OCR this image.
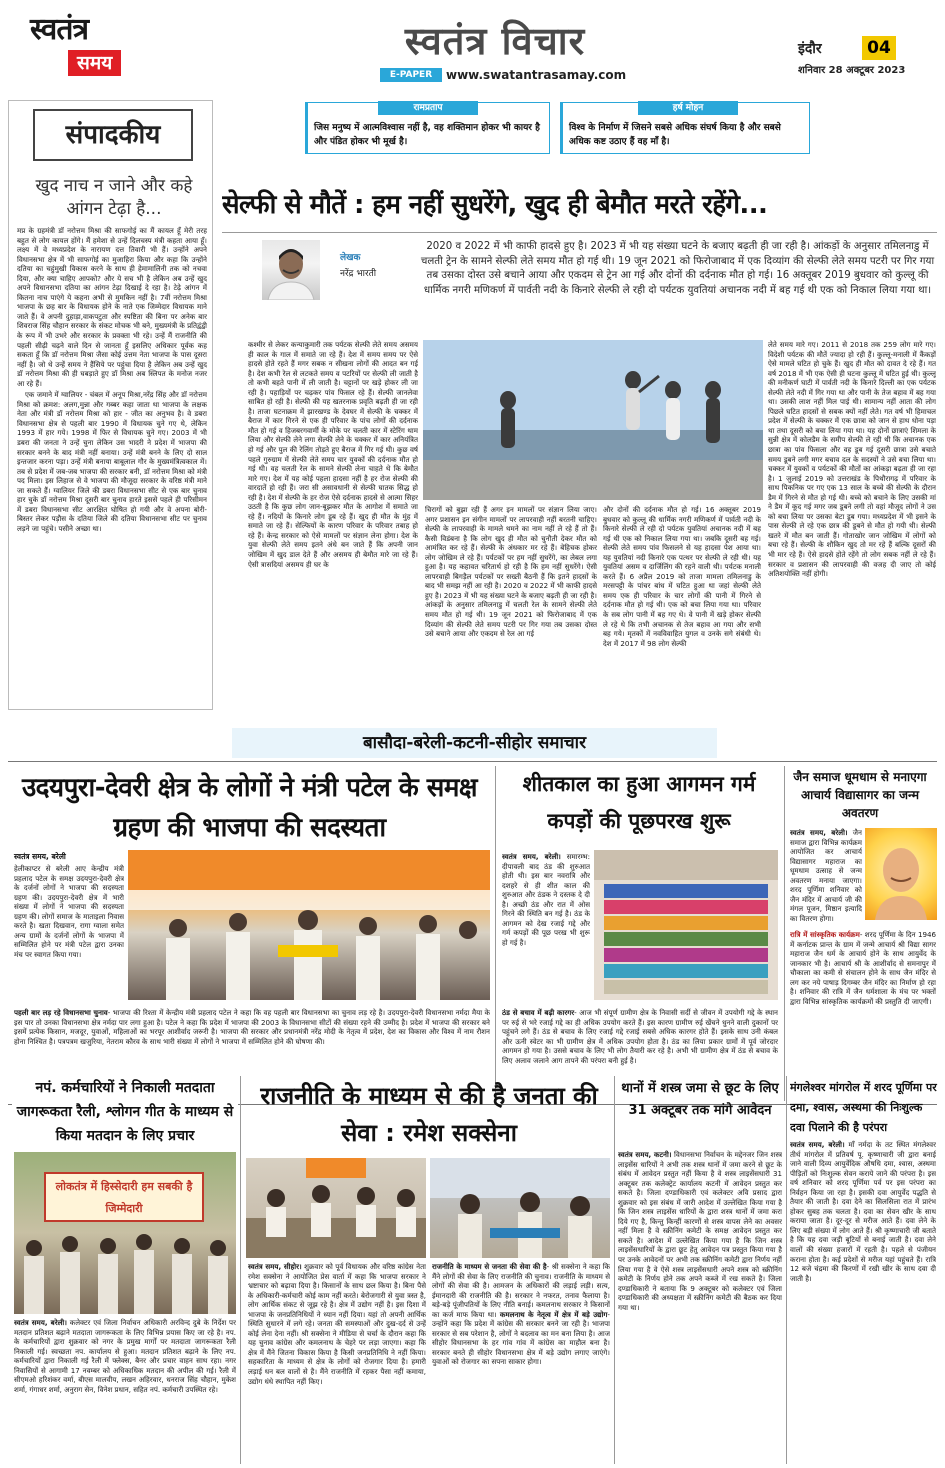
स्वतंत्र
समय	स्वतंत्र विचार
E-PAPER	www.swatantrasamay.com
इंदौर	04
शनिवार 28 अक्टूबर 2023
रामप्रताप
जिस मनुष्य में आत्मविश्वास नहीं है, वह शक्तिमान होकर भी कायर है और पंडित होकर भी मूर्ख है।
हर्ष मोहन
विश्व के निर्माण में जिसने सबसे अधिक संघर्ष किया है और सबसे अधिक कष्ट उठाए हैं वह माँ है।
संपादकीय
खुद नाच न जाने और कहे आंगन टेढ़ा है...

मप्र के ग्रहमंत्री डॉ नरोत्तम मिश्रा की साफगोई का मैं कायल हूँ मेरी तरह बहुत से लोग कायल होंगे। मैं हमेशा से उन्हें दिलचस्प मंत्री कहता आया हूँ। लक्ष्य में वे मध्यप्रदेश के नारायण दत्त तिवारी भी हैं। उन्होंने अपने विधानसभा क्षेत्र में भी साफगोई का मुजाहिरा किया और कहा कि उन्होंने दतिया का चहुंमुखी विकास करने के साथ ही हेमामालिनी तक को नचवा दिया, और क्या चाहिए आपको? और ये सच भी है लेकिन अब उन्हें खुद अपने विधानसभा दतिया का आंगन टेढ़ा दिखाई दे रहा है। टेढ़े आंगन में कितना नाच पाएंगे ये कहना अभी से मुमकिन नहीं है। 7वीं नरोत्तम मिश्रा भाजपा के छह बार के विधायक होने के नाते एक जिम्मेदार विधायक माने जाते हैं। वे अपनी दुहाड़ा,वाकपटुता और स्पष्टिता की बिना पर अनेक बार शिवराज सिंह चौहान सरकार के संकट मोचक भी बने, मुख्यमंत्री के प्रतिद्वंद्वी के रूप में भी उभरे और सरकार के प्रवक्ता भी रहे। उन्हें मैं राजनीति की पहली सीढ़ी चढ़ने वाले दिन से जानता हूँ इसलिए अधिकार पूर्वक कह सकता हूँ कि डॉ नरोत्तम मिश्रा जैसा कोई उत्तम नेता भाजपा के पास दूसरा नहीं है। जो थे उन्हें समय ने हैंसिये पर पहुंचा दिया है लेकिन अब उन्हें खुद डॉ नरोत्तम मिश्रा की ही घबड़ाते हुए डॉ मिश्रा अब स्लिपत के मनोज नजर आ रहे हैं।

एक जमाने में ग्वालियर - चंबल में अनूप मिश्रा,नरेंद्र सिंह और डॉ नरोत्तम मिश्रा को क्रमश: अलग,मुन्ना और गब्बर कहा जाता था भाजपा के लक्षक नेता और मंत्री डॉ नरोत्तम मिश्रा को हार - जीत का अनुभव है। वे डबरा विधानसभा क्षेत्र से पहली बार 1990 में विधायक चुने गए थे, लेकिन 1993 में हार गये। 1998 में फिर से विधायक चुने गए। 2003 में भी डबरा की जनता ने उन्हें चुना लेकिन उस भादरी ने प्रदेश में भाजपा की सरकार बनने के बाद मंत्री नहीं बनाया। उन्हें मंत्री बनने के लिए दो साल इन्तजार करना पड़ा। उन्हें मंत्री बनाया बाबूलाल गौर के मुख्यमंत्रित्वकाल में। तब से प्रदेश में जब-जब भाजपा की सरकार बनी, डॉ नरोत्तम मिश्रा को मंत्री पद मिला। इस लिहाज से वे भाजपा की मौजूदा सरकार के वरिष्ठ मंत्री माने जा सकते हैं। ग्वालियर जिले की डबरा विधानसभा सीट से एक बार चुनाव हार चुके डॉ नरोत्तम मिश्रा दूसरी बार चुनाव हारते इससे पहले ही परिसीमन में डबरा विधानसभा सीट आरक्षित घोषित हो गयी और वे अपना बोरी-बिस्तर लेकर पड़ौस के दतिया जिले की दतिया विधानसभा सीट पर चुनाव लड़ने जा पहुंचे। पसीने अच्छा था।

सेल्फी से मौतें : हम नहीं सुधरेंगे, खुद ही बेमौत मरते रहेंगे...
लेखक
नरेंद्र भारती
2020 व 2022 में भी काफी हादसे हुए है। 2023 में भी यह संख्या घटने के बजाए बढ़ती ही जा रही है। आंकड़ों के अनुसार तमिलनाडु में चलती ट्रेन के सामने सेल्फी लेते समय मौत हो गई थी। 19 जून 2021 को फिरोजाबाद में एक दिव्यांग की सेल्फी लेते समय पटरी पर गिर गया तब उसका दोस्त उसे बचाने आया और एकदम से ट्रेन आ गई और दोनों की दर्दनाक मौत हो गई। 16 अक्तूबर 2019 बुधवार को कुल्लू की धार्मिक नगरी मणिकर्ण में पार्वती नदी के किनारे सेल्फी ले रही दो पर्यटक युवतियां अचानक नदी में बह गई थी एक को निकाल लिया गया था।
कश्मीर से लेकर कन्याकुमारी तक पर्यटक सेल्फी लेते समय असमय ही काल के गाल में समाते जा रहे हैं। देश में समय समय पर ऐसे हादसे होते रहते हैं मगर सबक न सीखना लोगों की आदत बन गई है। देश कभी रेल से लटकते समय व पटरियों पर सेल्फी ली जाती है तो कभी बहते पानी में ली जाती है। चट्टानों पर खड़े होकर ली जा रही है। पहाड़ियों पर चढ़कर पांव फिसल रहे हैं। सेल्फी जानलेवा साबित हो रही है। सेल्फी की यह खतरनाक प्रवृति बढ़ती ही जा रही है। ताजा घटनाक्रम में झारखण्ड के देवघर में सेल्फी के चक्कर में बैराज में कार गिरने से एक ही परिवार के पांच लोगों की दर्दनाक मौत हो गई व हिजबरगवार्मी के मोके पर चलती कार में स्टेरिंग थाम लिया और सेल्फी लेने लगा सेल्फी लेने के चक्कर में कार अनियंत्रित हो गई और पुल की रेलिंग तोड़ते हुए बैराज में गिर गई थी। कुछ वर्ष पहले गुरुग्राम में सेल्फी लेते समय चार युवकों की दर्दनाक मौत हो गई थी। वह चलती रेल के सामने सेल्फी लेना चाहते थे कि बेमौत मारे गए। देश में यह कोई पहला हादसा नहीं है हर रोज सेल्फी की वारदातें हो रही हैं। जरा सी असावधानी से सेल्फी घातक सिद्ध हो रही है। देश में सेल्फी के हर रोज ऐसे दर्दनाक हादसे से आत्मा सिहर उठती है कि कुछ लोग जान-बूझकर मौत के आगोश में समाते जा रहे हैं। नदियों के किनारे लोग डूब रहे हैं। खुद ही मौत के मुंह में समाते जा रहे हैं। सेल्फियों के कारण परिवार के परिवार तबाह हो रहे हैं। केन्द्र सरकार को ऐसे मामलों पर संज्ञान लेना होगा। देश के युवा सेल्फी लेते समय इतने अंधे बन जाते हैं कि अपनी जान जोखिम में खुद डाल देते हैं और असमय ही बेमौत मारे जा रहे हैं। ऐसी त्रासदियां असमय ही घर के
चिरागों को बुझा रही हैं अगर इन मामलों पर संज्ञान लिया जाए। अगर प्रशासन इन संगीन मामलों पर लापरवाही नहीं बरतनी चाहिए। सेल्फी के लापरवाही के मामले थमने का नाम नहीं ले रहे हैं तो हैं। कैसी विडंबना है कि लोग खुद ही मौत को चुनौती देकर मौत को आमंत्रित कर रहे हैं। सेल्फी के अंधकार मर रहे हैं। बेहिचक होकर लोग जोखिम ले रहे हैं। पर्यटकों पर हम नहीं सुधरेंगे, का लेबल लगा हुआ है। यह कहावत चरितार्थ हो रही है कि हम नहीं सुधरेंगे। ऐसी लापरवाही बिगड़ैल पर्यटकों पर सख्ती बैठनी हैं कि इतने हादसों के बाद भी समझ नहीं आ रही है। 2020 व 2022 में भी काफी हादसे हुए है। 2023 में भी यह संख्या घटने के बजाए बढ़ती ही जा रही है। आंकड़ों के अनुसार तमिलनाडु में चलती रेल के सामने सेल्फी लेते समय मौत हो गई थी। 19 जून 2021 को फिरोजाबाद में एक दिव्यांग की सेल्फी लेते समय पटरी पर गिर गया तब उसका दोस्त उसे बचाने आया और एकदम से रेल आ गई
और दोनों की दर्दनाक मौत हो गई। 16 अक्तूबर 2019 बुधवार को कुल्लू की धार्मिक नगरी मणिकर्ण में पार्वती नदी के किनारे सेल्फी ले रही दो पर्यटक युवतियां अचानक नदी में बह गई थी एक को निकाल लिया गया था। जबकि दूसरी बह गई। सेल्फी लेते समय पांव फिसलने से यह हादसा पेश आया था। यह युवतियां नदी किनारे एक पत्थर पर सेल्फी ले रही थी। यह युवतियां असम व दार्जिलिंग की रहने वाली थी। पर्यटक मनाली करते हैं। 6 अप्रैल 2019 को ताजा मामला तमिलनाडु के मरसपट्टी के पांचर बांध में घटित हुआ था जहां सेल्फी लेते समय एक ही परिवार के चार लोगों की पानी में गिरने से दर्दनाक मौत हो गई थी। एक को बचा लिया गया था। परिवार के सब लोग पानी में बह गए थे। वे पानी में खड़े होकर सेल्फी ले रहे थे कि तभी अचानक से तेज बहाव आ गया और सभी बह गये। मृतकों में नवविवाहित युगल व उनके सगे संबंधी थे। देश में 2017 में 98 लोग सेल्फी
लेते समय मारे गए। 2011 से 2018 तक 259 लोग मारे गए। विदेशी पर्यटक की मौतें ज्यादा हो रही हैं। कुल्लू-मनाली में कैंकड़ों ऐसे मामले घटित हो चुके हैं। खुद ही मौत को दावत दे रहे हैं। गत वर्ष 2018 में भी एक ऐसी ही घटना कुल्लू में घटित हुई थी। कुल्लू की मनीकर्ण घाटी में पार्वती नदी के किनारे दिल्ली का एक पर्यटक सेल्फी लेते नदी में गिर गया था और पानी के तेज बहाव में बह गया था। उसकी लाश नहीं मिल पाई थी। सामान्य नहीं आता की लोग पिछले घटित हादसों से सबक क्यों नहीं लेते। गत वर्ष भी हिमाचल प्रदेश में सेल्फी के चक्कर में एक छात्रा को जान से हाथ धोना पड़ा था तथा दूसरी को बचा लिया गया था। यह दोनों छात्राएं शिमला के सुन्नी क्षेत्र में कोलडैम के समीप सेल्फी ले रही थी कि अचानक एक छात्रा का पांव फिसला और वह डूब गई दूसरी छात्रा उसे बचाते समय डूबने लगी मगर बचाव दल के सदस्यों ने उसे बचा लिया था। चक्कर में युवकों व पर्यटकों की मौतों का आंकड़ा बढ़ता ही जा रहा है। 1 जुलाई 2019 को उत्तराखंड के पिथौरागढ़ में परिवार के साथ पिकनिक पर गए एक 13 साल के बच्चे की सेल्फी के दौरान डैम में गिरने से मौत हो गई थी। बच्चे को बचाने के लिए उसकी मां ने डैम में कूद गई मगर जब डूबने लगी तो वहां मौजूद लोगों ने उस को बचा लिया पर उसका बेटा डूब गया। मध्यप्रदेश में भी इसने के पास सेल्फी ले रहे एक छात्र की डूबने से मौत हो गयी थी। सेल्फी खतरे में मौत बन जाती हैं। गोताखोर जान जोखिम में लोगों को बचा रहे हैं। सेल्फी के शौकिन खुद तो मर रहे हैं बल्कि दूसरों की भी मार रहे हैं। ऐसे हादसे होते रहेंगे तो लोग सबक नहीं ले रहे हैं। सरकार व प्रशासन की लापरवाही की वजह दी जाए तो कोई अतिशयोक्ति नहीं होगी।
बासौदा-बरेली-कटनी-सीहोर समाचार
उदयपुरा-देवरी क्षेत्र के लोगों ने मंत्री पटेल के समक्ष ग्रहण की भाजपा की सदस्यता
स्वतंत्र समय, बरेली
हेलीकाप्टर से बरेली आए केन्द्रीय मंत्री प्रहलाद पटेल के समक्ष उदयपुरा-देवरी क्षेत्र के दर्जनों लोगों ने भाजपा की सदस्यता ग्रहण की। उदयपुरा-देवरी क्षेत्र में भारी संख्या में लोगों ने भाजपा की सदस्यता ग्रहण की। लोगों समाज के माताइला निवास करते है। खता दिखवान, रागा ग्वाला समेत अन्य ग्रामों के दर्जनों लोगों के भाजपा में सम्मिलित होने पर मंत्री पटेल द्वारा उनका मंच पर स्वागत किया गया।
पहली बार लड़ रहे विधानसभा चुनाव- भाजपा की रिश्ता में केन्द्रीय मंत्री प्रहलाद पटेल ने कहा कि वह पहली बार विधानसभा का चुनाव लड़ रहे है। उदयपुरा-देवरी विधानसभा नर्मदा मैया के इस पार तो उनका विधानसभा क्षेत्र नर्मदा पार लगा हुआ है। पटेल ने कहा कि प्रदेश में भाजपा की 2003 के विधानसभा सीटों की संख्या रहने की उम्मीद है। प्रदेश में भाजपा की सरकार बने इसमें प्रत्येक किसान, मजदूर, युवाओं, महिलाओं का भरपूर आशीर्वाद जरूरी है। भाजपा की सरकार और प्रधानमंत्री नरेंद्र मोदी के नेतृत्व में प्रदेश, देश का विकास और विश्व में नाम रौशन होना निश्चित है। पत्रपत्रम खजुरिया, नेतराम कौरव के साथ भारी संख्या में लोगों ने भाजपा में सम्मिलित होने की घोषणा की।
शीतकाल का हुआ आगमन गर्म कपड़ों की पूछपरख शुरू
स्वतंत्र समय, बरेली। समारम्भ: दीपावली बाद ठंड की शुरुआत होती थी। इस बार नवरात्रि और दशहरे से ही शीत काल की शुरुआत और ठंडक ने दस्तक दे दी है। अच्छी ठंड और रात में ओस गिरने की स्थिति बन गई है। ठंड के आगमन को देख रजाई गद्दे और गर्म कपड़ों की पूछ परख भी शुरू हो गई है।
ठंड से बचाव में बढ़ी कारगर- आज भी संपूर्ण ग्रामीण क्षेत्र के निवासी सर्दी से जीवन में उपयोगी गद्दे के स्थान पर रुई से भरे रजाई गद्दे का ही अधिक उपयोग करते हैं। इस कारण ग्रामीण रुई खेंचने धुनने वाली दुकानों पर पहुंचने लगे हैं। ठंड से बचाव के लिए रजाई गद्दे रजाई सबसे अधिक कारगर होते हैं। इसके साथ उनी कंबल और ऊनी स्वेटर का भी ग्रामीण क्षेत्र में अधिक उपयोग होता है। ठंड का लिया प्रकार ग्रामों में पूर्व जोरदार आगमन हो गया है। उससे बचाव के लिए भी लोग तैयारी कर रहे है। अभी भी ग्रामीण क्षेत्र में ठंड से बचाव के लिए अलाव जलाने आग तापने की परंपरा बनी हुई है।
जैन समाज धूमधाम से मनाएगा आचार्य विद्यासागर का जन्म अवतरण
स्वतंत्र समय, बरेली। जैन समाज द्वारा विभिन्न कार्यक्रम आयोजित कर आचार्य विद्यासागर महाराज का धूमधाम उत्साह से जन्म अवतरण मनाया जाएगा। शरद पूर्णिमा शनिवार को जैन मंदिर में आचार्य जी की मंगल पूजन, मिष्ठान इत्यादि का वितरण होगा।
रात्रि में सांस्कृतिक कार्यक्रम- शरद पूर्णिमा के दिन 1946 में कर्नाटक प्रान्त के ग्राम में जन्मे आचार्य श्री विद्या सागर महाराज जैन धर्म के आचार्य होने के साथ आयुर्वेद के जानकार भी है। आचार्य श्री के आशीर्वाद से समनापुर में चौकाला का कमी से संचालन होने के साथ जैन मंदिर से लग कर नये पाषाड़ दिगम्बर जैन मंदिर का निर्माण हो रहा है। शनिवार की रात्रि में जैन धर्मशाला के मंच पर भक्तों द्वारा विभिन्न सांस्कृतिक कार्यक्रमों की प्रस्तुति दी जाएगी।
नपं. कर्मचारियों ने निकाली मतदाता जागरूकता रैली, श्लोगन गीत के माध्यम से किया मतदान के लिए प्रचार
लोकतंत्र में हिस्सेदारी हम सबकी है जिम्मेदारी
स्वतंत्र समय, बरेली। कलेक्टर एवं जिला निर्वाचन अधिकारी अरविन्द दुबे के निर्देश पर मतदान प्रतिशत बढ़ाने मतदाता जागरूकता के लिए विभिन्न प्रयास किए जा रहे है। नप. के कर्मचारियों द्वारा शुक्रवार को नगर के प्रमुख मार्गों पर मतदाता जागरूकता रैली निकाली गई। स्वच्छता नप. कार्यालय से हुआ। मतदान प्रतिशत बढ़ाने के लिए नप. कर्मचारियों द्वारा निकाली गई रैली में फ्लेक्स, बैनर और प्रचार वाहन साथ रहा। नगर निवासियों से आगामी 17 नवम्बर को अधिकाधिक मतदान की अपील की गई। रैली में सीएमओ हरिशंकर वर्मा, बीएस मालवीय, लखन अहिरवार, धनराज सिंह चौहान, मुकेश शर्मा, गंगाधर शर्मा, अनुराग सेन, विनेश प्रधान, सहित नपं. कर्मचारी उपस्थित रहे।
राजनीति के माध्यम से की है जनता की सेवा : रमेश सक्सेना
स्वतंत्र समय, सीहोर। शुक्रवार को पूर्व विधायक और वरिष्ठ कांग्रेस नेता रमेश सक्सेना ने आयोजित प्रेस वार्ता में कहा कि भाजपा सरकार ने भ्रष्टाचार को बढ़ावा दिया है। किसानों के साथ छल किया है। बिना पैसे के अधिकारी-कर्मचारी कोई काम नहीं करते। बेरोजगारी से युवा त्रस्त है, लोग आर्थिक संकट से जूझ रहे है। क्षेत्र में उद्योग नहीं है। इस दिशा में भाजपा के जनप्रतिनिधियों ने ध्यान नहीं दिया। यहां तो अपनी आर्थिक स्थिति सुधारने में लगे रहे। जनता की समस्याओं और दुख-दर्द से उन्हें कोई लेना देना नहीं। श्री सक्सेना ने मीडिया से चर्चा के दौरान कहा कि यह चुनाव कांग्रेस और कमलनाथ के चेहरे पर लड़ा जाएगा। कहा कि क्षेत्र में मैंने जितना विकास किया है किसी जनप्रतिनिधि ने नहीं किया। सहकारिता के माध्यम से क्षेत्र के लोगों को रोजगार दिया है। हमारी लड़ाई धन बल वालों से है। मैंने राजनीति में रहकर पैसा नहीं कमाया, उद्योग धंधे स्थापित नहीं किए।
राजनीति के माध्यम से जनता की सेवा की है- श्री सक्सेना ने कहा कि मैंने लोगों की सेवा के लिए राजनीति की चुनाव। राजनीति के माध्यम से लोगों की सेवा की है। आमजन के अधिकारों की लड़ाई लड़ी। सत्य, ईमानदारी की राजनीति की है। सरकार ने नफरत, तनाव फैलाया है। बड़े-बड़े पूंजीपतियों के लिए नीति बनाई। कमलनाथ सरकार ने किसानों का कर्ज माफ किया था। कमलनाथ के नेतृत्व में क्षेत्र में बड़े उद्योग- उन्होंने कहा कि प्रदेश में कांग्रेस की सरकार बनने जा रही है। भाजपा सरकार से सब परेशान है, लोगों ने बदलाव का मन बना लिया है। आज सीहोर विधानसभा के हर गांव गांव में कांग्रेस का माहौल बना है। सरकार बनते ही सीहोर विधानसभा क्षेत्र में बड़े उद्योग लगाए जाएंगे। युवाओं को रोजगार का सपना साकार होगा।
थानों में शस्त्र जमा से छूट के लिए 31 अक्टूबर तक मांगे आवेदन
स्वतंत्र समय, कटनी। विधानसभा निर्वाचन के मद्देनजर जिन शस्त्र लाइसेंस धारियों ने अभी तक शस्त्र थानों में जमा करने से छूट के संबंध में आवेदन प्रस्तुत नहीं किया है वे शस्त्र लाइसेंसधारी 31 अक्टूबर तक कलेक्ट्रेट कार्यालय कटनी में आवेदन प्रस्तुत कर सकते है। जिला दण्डाधिकारी एवं कलेक्टर अवि प्रसाद द्वारा शुक्रवार को इस संबंध में जारी आदेश में उल्लेखित किया गया है कि जिन शस्त्र लाइसेंस धारियों के द्वारा शस्त्र थानों में जमा करा दिये गए है, किन्तु किन्हीं कारणों से शस्त्र वापस लेने का अवसर नहीं मिला है वे स्क्रीनिंग कमेटी के समक्ष आवेदन प्रस्तुत कर सकते है। आदेश में उल्लेखित किया गया है कि जिन शस्त्र लाइसेंसधारियों के द्वारा छूट हेतु आवेदन पत्र प्रस्तुत किया गया है पर उनके आवेदनों पर अभी तक स्क्रीनिंग कमेटी द्वारा निर्णय नहीं लिया गया है वे ऐसे शस्त्र लाइसेंसधारी अपने शस्त्र को स्क्रीनिंग कमेटी के निर्णय होने तक अपने कब्जे में रख सकते है। जिला दण्डाधिकारी ने बताया कि 9 अक्टूबर को कलेक्टर एवं जिला दण्डाधिकारी की अध्यक्षता में स्क्रीनिंग कमेटी की बैठक कर दिया गया था।
मंगलेश्वर मांगरोल में शरद पूर्णिमा पर दमा, श्वास, अस्थमा की निःशुल्क दवा पिलाने की है परंपरा
स्वतंत्र समय, बरेली। माँ नर्मदा के तट स्थित मंगलेश्वर तीर्थ मांगरोल में प्रतिवर्ष पू. कृष्णाचारी जी द्वारा बनाई जाने वाली दिव्य आयुर्वेदिक औषधि दमा, श्वास, अस्थमा पीड़ितों को निःशुल्क सेवन कराये जाने की परंपरा है। इस वर्ष शनिवार को शरद पूर्णिमा पर्व पर इस परंपरा का निर्वहन किया जा रहा है। इसकी दवा आयुर्वेद पद्धति से तैयार की जाती है। दवा देने का सिलसिला रात में प्रारंभ होकर सुबह तक चलता है। दवा का सेवन खीर के साथ कराया जाता है। दूर-दूर से मरीज आते हैं। दवा लेने के लिए बड़ी संख्या में लोग आते हैं। श्री कृष्णाचारी जी बताते है कि यह दवा जड़ी बूटियों से बनाई जाती है। दवा लेने वालों की संख्या हजारों में रहती है। पहले से पंजीयन कराना होता है। कई प्रदेशों से मरीज यहां पहुंचते हैं। रात्रि 12 बजे चंद्रमा की किरणों में रखी खीर के साथ दवा दी जाती है।
